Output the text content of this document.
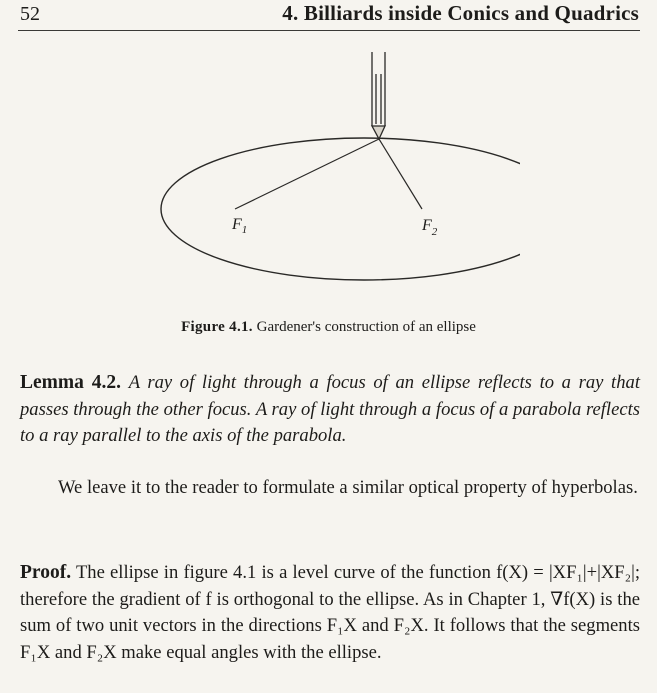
52	4. Billiards inside Conics and Quadrics
$F_1$	$F_2$
Figure 4.1. Gardener's construction of an ellipse
Lemma 4.2. A ray of light through a focus of an ellipse reflects to a ray that passes through the other focus. A ray of light through a focus of a parabola reflects to a ray parallel to the axis of the parabola.
We leave it to the reader to formulate a similar optical property of hyperbolas.
Proof. The ellipse in figure 4.1 is a level curve of the function f(X) = |XF₁|+|XF₂|; therefore the gradient of f is orthogonal to the ellipse. As in Chapter 1, ∇f(X) is the sum of two unit vectors in the directions F₁X and F₂X. It follows that the segments F₁X and F₂X make equal angles with the ellipse.
